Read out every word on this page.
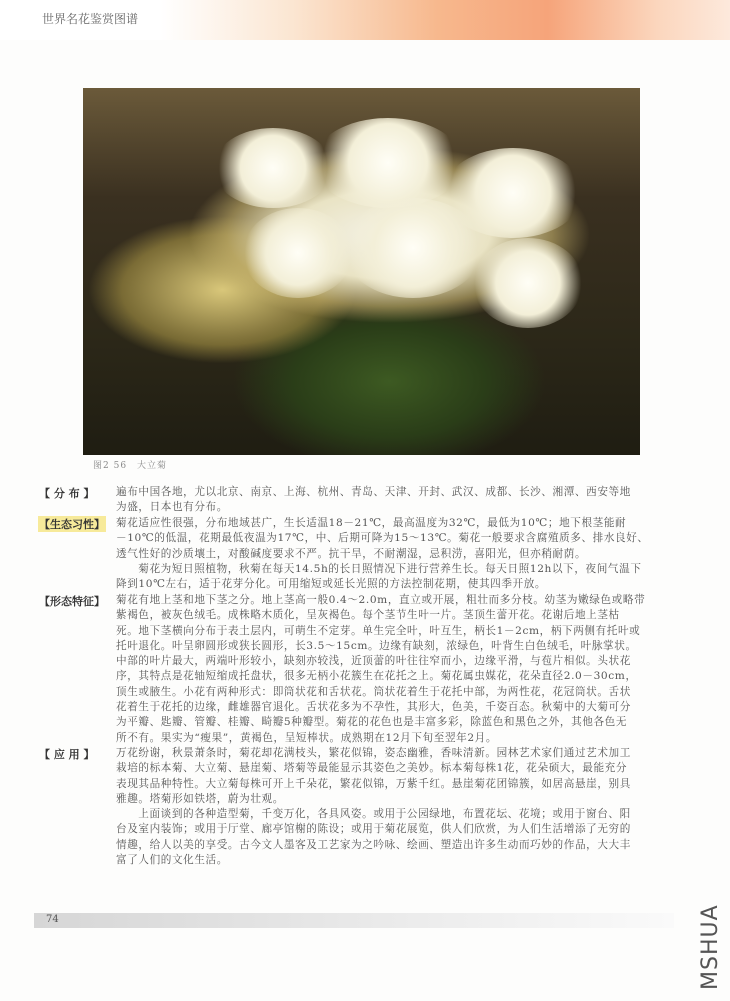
世界名花鉴赏图谱
图2 56 大立菊
【 分 布 】 遍布中国各地，尤以北京、南京、上海、杭州、青岛、天津、开封、武汉、成都、长沙、湘潭、西安等地
为盛，日本也有分布。
【生态习性】 菊花适应性很强，分布地域甚广，生长适温18－21℃，最高温度为32℃，最低为10℃；地下根茎能耐
－10℃的低温，花期最低夜温为17℃，中、后期可降为15～13℃。菊花一般要求含腐殖质多、排水良好、
透气性好的沙质壤土，对酸碱度要求不严。抗干旱，不耐潮湿，忌积涝，喜阳光，但亦稍耐荫。
菊花为短日照植物，秋菊在每天14.5h的长日照情况下进行营养生长。每天日照12h以下，夜间气温下
降到10℃左右，适于花芽分化。可用缩短或延长光照的方法控制花期，使其四季开放。
【形态特征】 菊花有地上茎和地下茎之分。地上茎高一般0.4～2.0m，直立或开展，粗壮而多分枝。幼茎为嫩绿色或略带
紫褐色，被灰色绒毛。成株略木质化，呈灰褐色。每个茎节生叶一片。茎顶生蕾开花。花谢后地上茎枯
死。地下茎横向分布于表土层内，可萌生不定芽。单生完全叶，叶互生，柄长1－2cm，柄下两侧有托叶或
托叶退化。叶呈卵圆形或狭长圆形，长3.5～15cm。边缘有缺刻，浓绿色，叶背生白色绒毛，叶脉掌状。
中部的叶片最大，两端叶形较小，缺刻亦较浅，近顶蕾的叶往往窄而小，边缘平滑，与苞片相似。头状花
序，其特点是花轴短缩成托盘状，很多无柄小花簇生在花托之上。菊花属虫媒花，花朵直径2.0－30cm，
顶生或腋生。小花有两种形式：即筒状花和舌状花。筒状花着生于花托中部，为两性花，花冠筒状。舌状
花着生于花托的边缘，雌雄器官退化。舌状花多为不孕性，其形大，色美，千姿百态。秋菊中的大菊可分
为平瓣、匙瓣、管瓣、桂瓣、畸瓣5种瓣型。菊花的花色也是丰富多彩，除蓝色和黑色之外，其他各色无
所不有。果实为“瘦果”，黄褐色，呈短棒状。成熟期在12月下旬至翌年2月。
【 应 用 】 万花纷谢，秋景萧条时，菊花却花满枝头，繁花似锦，姿态幽雅，香味清新。园林艺术家们通过艺术加工
栽培的标本菊、大立菊、悬崖菊、塔菊等最能显示其姿色之美妙。标本菊每株1花，花朵硕大，最能充分
表现其品种特性。大立菊每株可开上千朵花，繁花似锦，万紫千红。悬崖菊花团锦簇，如居高悬崖，别具
雅趣。塔菊形如铁塔，蔚为壮观。
上面谈到的各种造型菊，千变万化，各具风姿。或用于公园绿地，布置花坛、花境；或用于窗台、阳
台及室内装饰；或用于厅堂、廊亭馆榭的陈设；或用于菊花展览，供人们欣赏，为人们生活增添了无穷的
情趣，给人以美的享受。古今文人墨客及工艺家为之吟咏、绘画、塑造出许多生动而巧妙的作品，大大丰
富了人们的文化生活。
74	MSHUA
